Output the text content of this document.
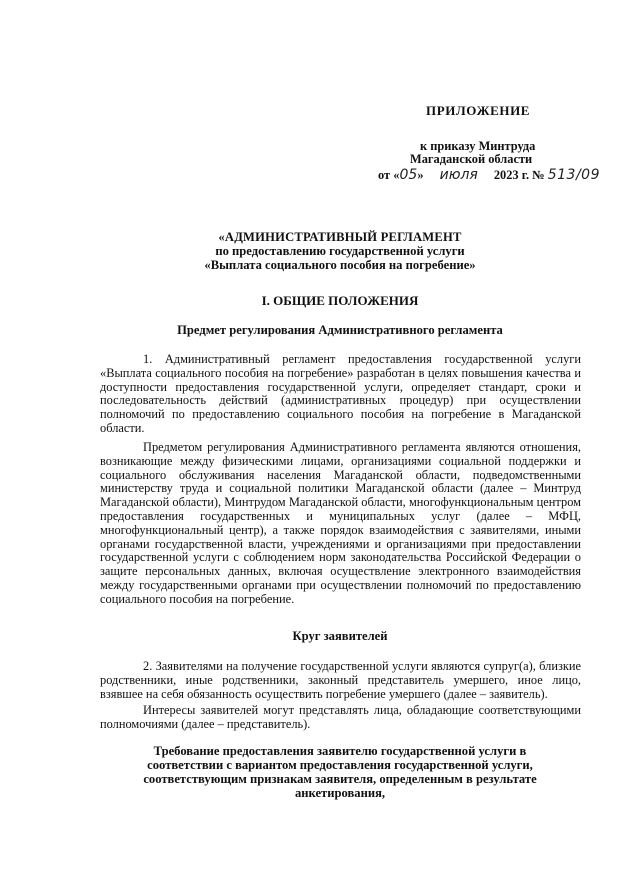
ПРИЛОЖЕНИЕ
к приказу Минтруда
Магаданской области
от «05» июля 2023 г. № 513/09
«АДМИНИСТРАТИВНЫЙ РЕГЛАМЕНТ
по предоставлению государственной услуги
«Выплата социального пособия на погребение»
I. ОБЩИЕ ПОЛОЖЕНИЯ
Предмет регулирования Административного регламента
1. Административный регламент предоставления государственной услуги «Выплата социального пособия на погребение» разработан в целях повышения качества и доступности предоставления государственной услуги, определяет стандарт, сроки и последовательность действий (административных процедур) при осуществлении полномочий по предоставлению социального пособия на погребение в Магаданской области.
Предметом регулирования Административного регламента являются отношения, возникающие между физическими лицами, организациями социальной поддержки и социального обслуживания населения Магаданской области, подведомственными министерству труда и социальной политики Магаданской области (далее – Минтруд Магаданской области), Минтрудом Магаданской области, многофункциональным центром предоставления государственных и муниципальных услуг (далее – МФЦ, многофункциональный центр), а также порядок взаимодействия с заявителями, иными органами государственной власти, учреждениями и организациями при предоставлении государственной услуги с соблюдением норм законодательства Российской Федерации о защите персональных данных, включая осуществление электронного взаимодействия между государственными органами при осуществлении полномочий по предоставлению социального пособия на погребение.
Круг заявителей
2. Заявителями на получение государственной услуги являются супруг(а), близкие родственники, иные родственники, законный представитель умершего, иное лицо, взявшее на себя обязанность осуществить погребение умершего (далее – заявитель).
Интересы заявителей могут представлять лица, обладающие соответствующими полномочиями (далее – представитель).
Требование предоставления заявителю государственной услуги в
соответствии с вариантом предоставления государственной услуги,
соответствующим признакам заявителя, определенным в результате анкетирования,
